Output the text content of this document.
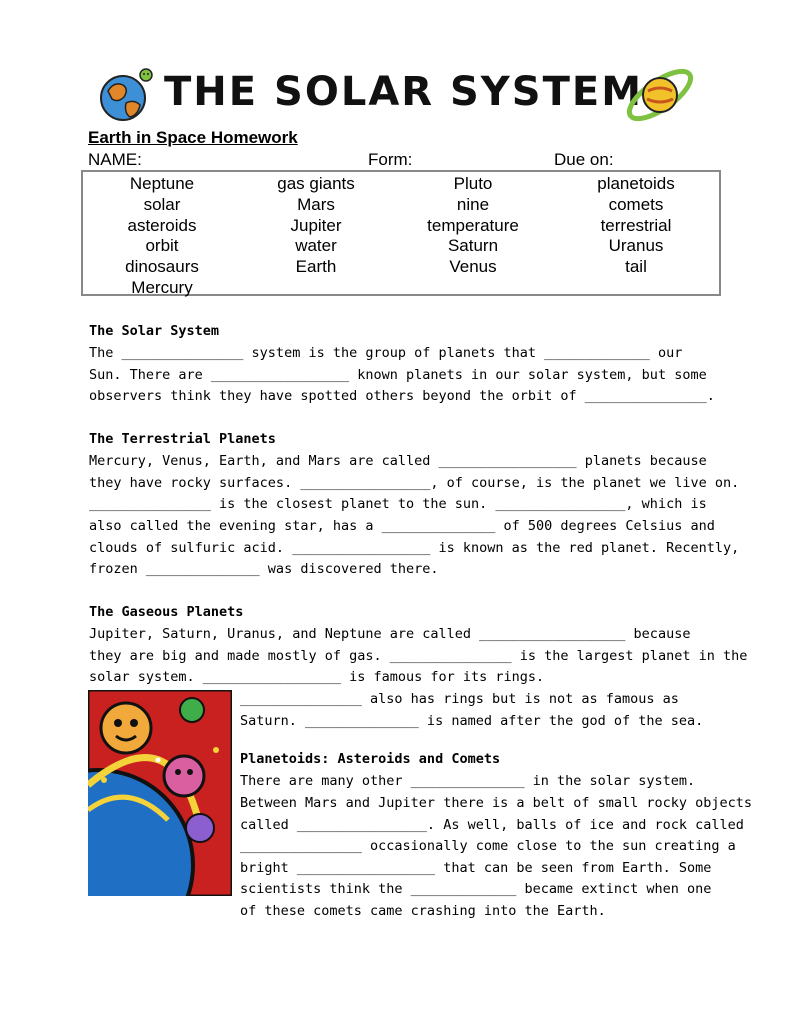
THE SOLAR SYSTEM
Earth in Space Homework
NAME:	Form:	Due on:
Neptune
solar
asteroids
orbit
dinosaurs
Mercury
gas giants
Mars
Jupiter
water
Earth
Pluto
nine
temperature
Saturn
Venus
planetoids
comets
terrestrial
Uranus
tail
The Solar System
The _______________ system is the group of planets that _____________ our
Sun. There are _________________ known planets in our solar system, but some
observers think they have spotted others beyond the orbit of _______________.
The Terrestrial Planets
Mercury, Venus, Earth, and Mars are called _________________ planets because
they have rocky surfaces. ________________, of course, is the planet we live on.
_______________ is the closest planet to the sun. ________________, which is
also called the evening star, has a ______________ of 500 degrees Celsius and
clouds of sulfuric acid. _________________ is known as the red planet. Recently,
frozen ______________ was discovered there.
The Gaseous Planets
Jupiter, Saturn, Uranus, and Neptune are called __________________ because
they are big and made mostly of gas. _______________ is the largest planet in the
solar system. _________________ is famous for its rings.
_______________ also has rings but is not as famous as
Saturn. ______________ is named after the god of the sea.
Planetoids: Asteroids and Comets
There are many other ______________ in the solar system.
Between Mars and Jupiter there is a belt of small rocky objects
called ________________. As well, balls of ice and rock called
_______________ occasionally come close to the sun creating a
bright _________________ that can be seen from Earth. Some
scientists think the _____________ became extinct when one
of these comets came crashing into the Earth.
